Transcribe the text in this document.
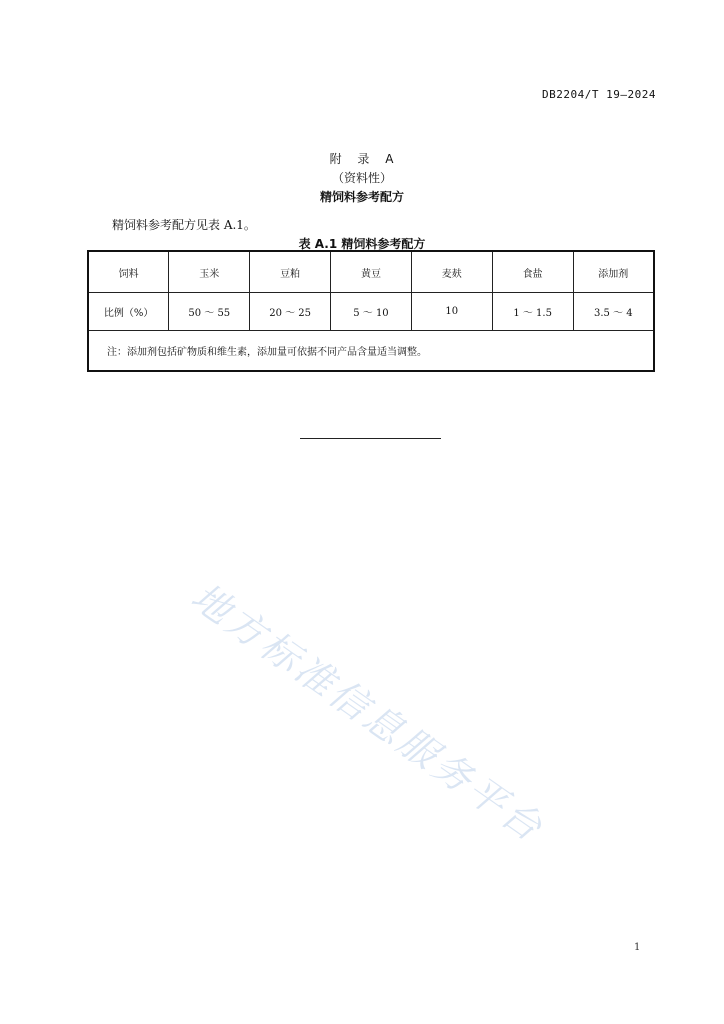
DB2204/T 19—2024
附 录 A
（资料性）
精饲料参考配方
精饲料参考配方见表 A.1。
表 A.1 精饲料参考配方
饲料	玉米	豆粕	黄豆	麦麸	食盐	添加剂
比例（%）	50 ～ 55	20 ～ 25	5 ～ 10	10	1 ～ 1.5	3.5 ～ 4
注：添加剂包括矿物质和维生素，添加量可依据不同产品含量适当调整。						
地方标准信息服务平台
1
